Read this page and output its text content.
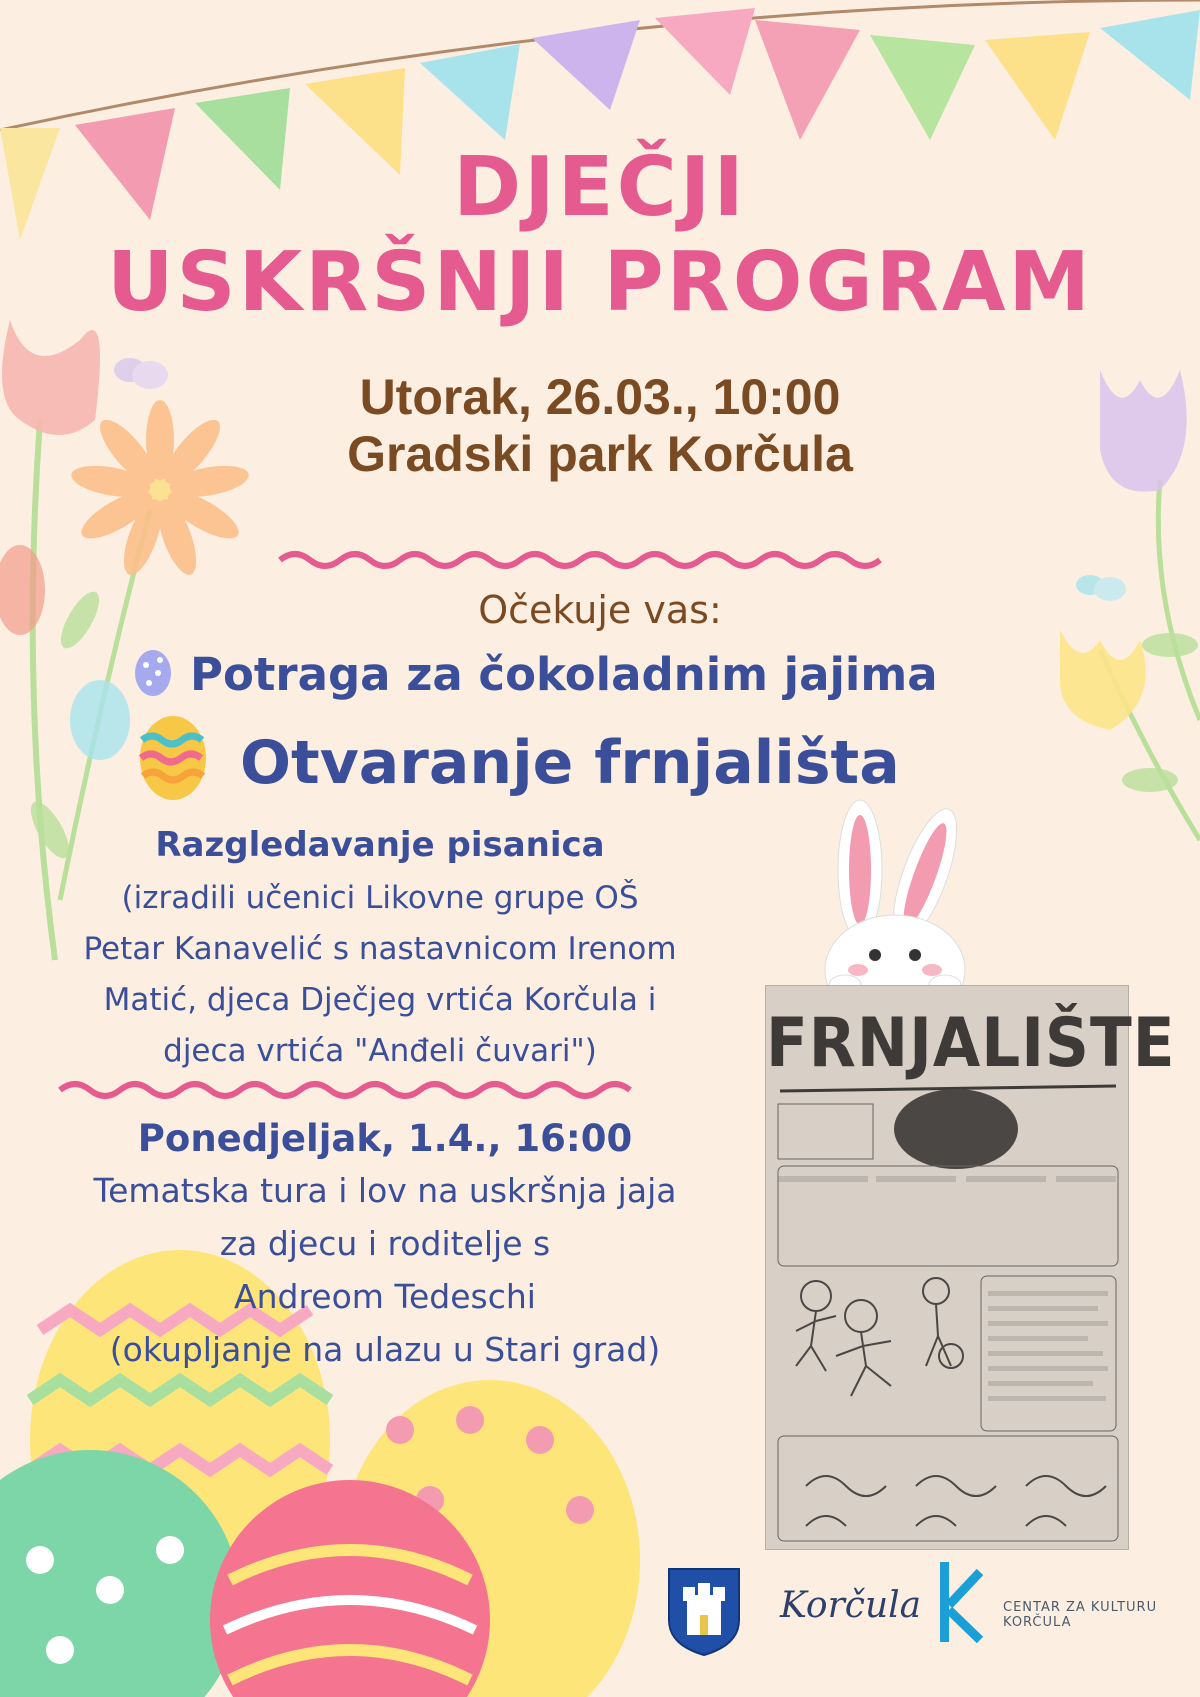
DJEČJI
USKRŠNJI PROGRAM
Utorak, 26.03., 10:00
Gradski park Korčula
Očekuje vas:
Potraga za čokoladnim jajima
Otvaranje frnjališta
Razgledavanje pisanica
(izradili učenici Likovne grupe OŠ
Petar Kanavelić s nastavnicom Irenom
Matić, djeca Dječjeg vrtića Korčula i
djeca vrtića "Anđeli čuvari")
Ponedjeljak, 1.4., 16:00
Tematska tura i lov na uskršnja jaja
za djecu i roditelje s
Andreom Tedeschi
(okupljanje na ulazu u Stari grad)
FRNJALIŠTE
Korčula	CENTAR ZA KULTURU
KORČULA
